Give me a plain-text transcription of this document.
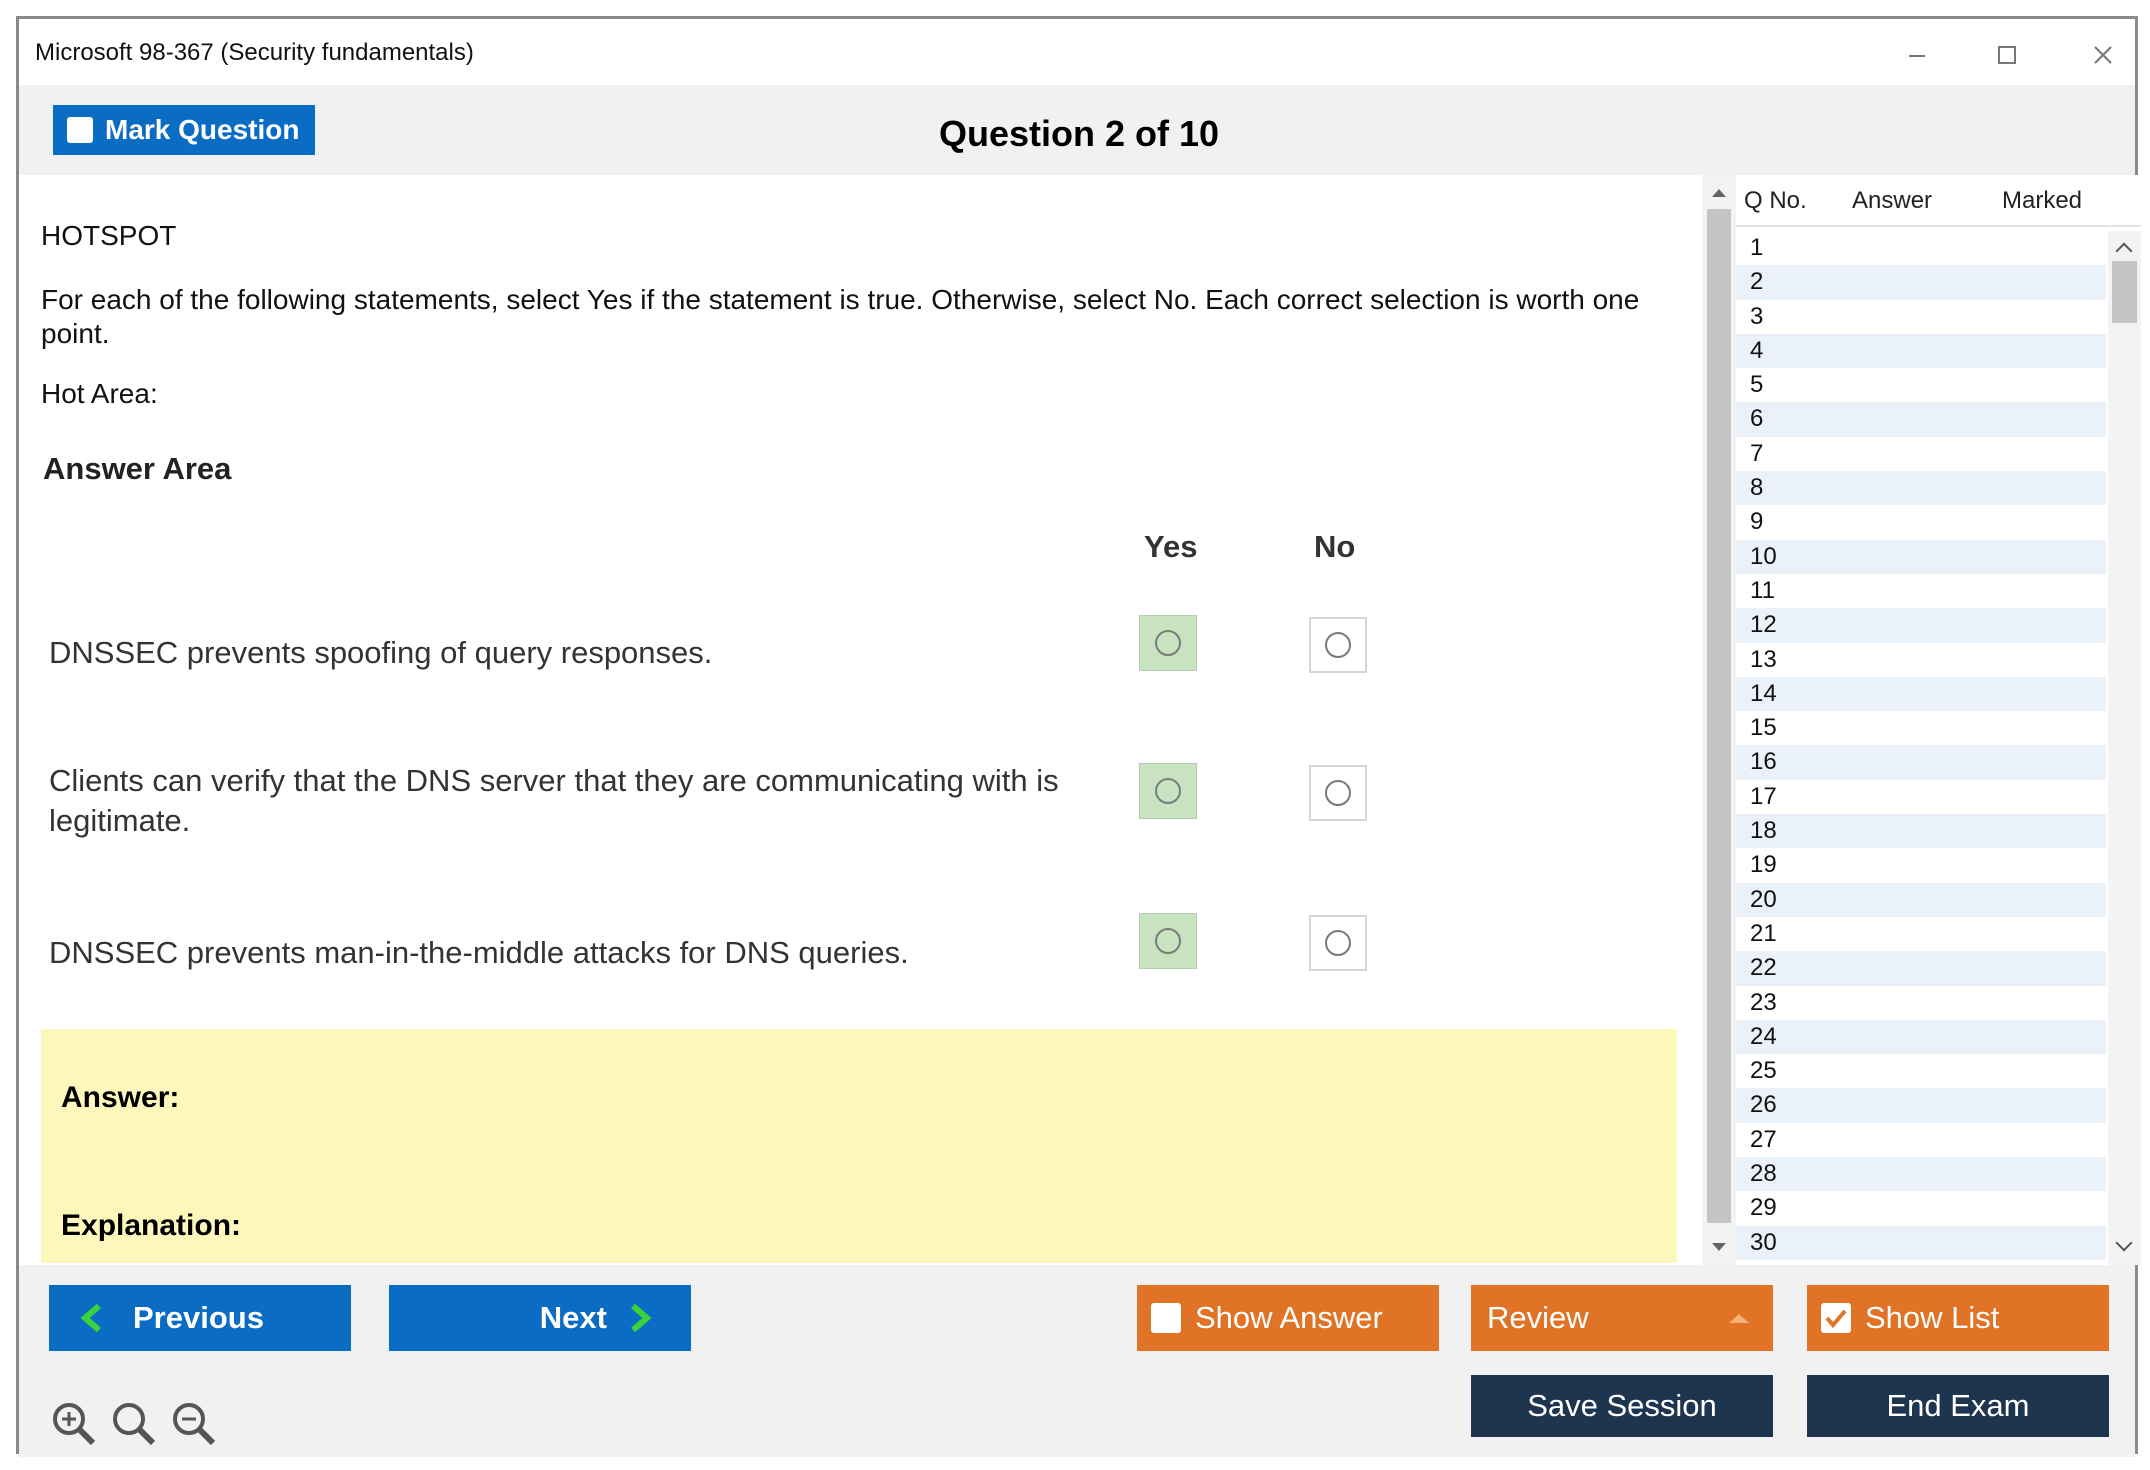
Microsoft 98-367 (Security fundamentals)
Mark Question	Question 2 of 10
HOTSPOT
For each of the following statements, select Yes if the statement is true. Otherwise, select No. Each correct selection is worth one point.
Hot Area:
Answer Area
Yes	No
DNSSEC prevents spoofing of query responses.
Clients can verify that the DNS server that they are communicating with is legitimate.
DNSSEC prevents man-in-the-middle attacks for DNS queries.
Answer:
Explanation:
Q No. Answer	Marked
1
2
3
4
5
6
7
8
9
10
11
12
13
14
15
16
17
18
19
20
21
22
23
24
25
26
27
28
29
30
Previous	Next	Show Answer	Review	Show List
Save Session	End Exam
